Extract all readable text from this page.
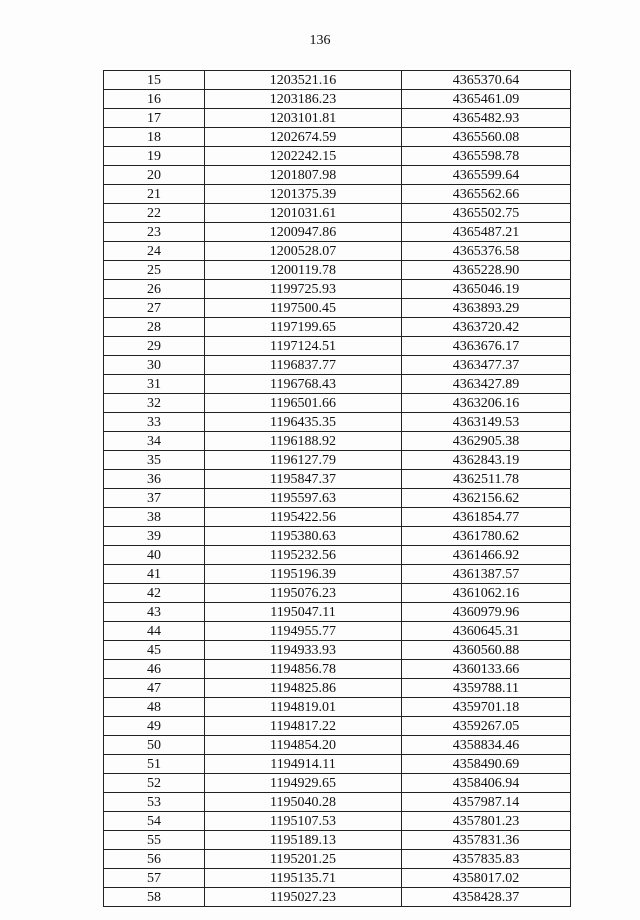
136
15	1203521.16	4365370.64
16	1203186.23	4365461.09
17	1203101.81	4365482.93
18	1202674.59	4365560.08
19	1202242.15	4365598.78
20	1201807.98	4365599.64
21	1201375.39	4365562.66
22	1201031.61	4365502.75
23	1200947.86	4365487.21
24	1200528.07	4365376.58
25	1200119.78	4365228.90
26	1199725.93	4365046.19
27	1197500.45	4363893.29
28	1197199.65	4363720.42
29	1197124.51	4363676.17
30	1196837.77	4363477.37
31	1196768.43	4363427.89
32	1196501.66	4363206.16
33	1196435.35	4363149.53
34	1196188.92	4362905.38
35	1196127.79	4362843.19
36	1195847.37	4362511.78
37	1195597.63	4362156.62
38	1195422.56	4361854.77
39	1195380.63	4361780.62
40	1195232.56	4361466.92
41	1195196.39	4361387.57
42	1195076.23	4361062.16
43	1195047.11	4360979.96
44	1194955.77	4360645.31
45	1194933.93	4360560.88
46	1194856.78	4360133.66
47	1194825.86	4359788.11
48	1194819.01	4359701.18
49	1194817.22	4359267.05
50	1194854.20	4358834.46
51	1194914.11	4358490.69
52	1194929.65	4358406.94
53	1195040.28	4357987.14
54	1195107.53	4357801.23
55	1195189.13	4357831.36
56	1195201.25	4357835.83
57	1195135.71	4358017.02
58	1195027.23	4358428.37
